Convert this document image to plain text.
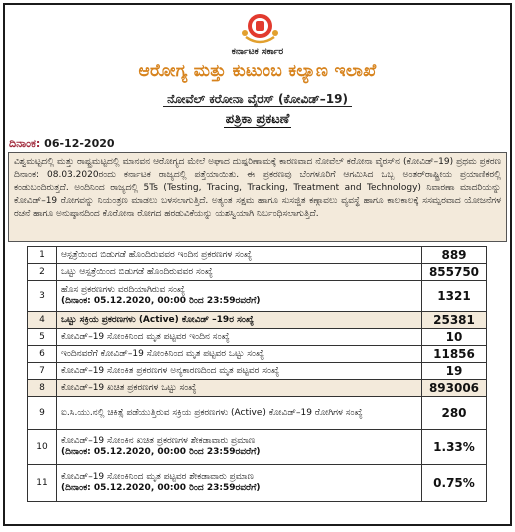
ಕರ್ನಾಟಕ ಸರ್ಕಾರ
ಆರೋಗ್ಯ ಮತ್ತು ಕುಟುಂಬ ಕಲ್ಯಾಣ ಇಲಾಖೆ
ನೋವೆಲ್ ಕರೋನಾ ವೈರಸ್ (ಕೋವಿಡ್–19)
ಪತ್ರಿಕಾ ಪ್ರಕಟಣೆ
ದಿನಾಂಕ: 06-12-2020
ವಿಶ್ವಮಟ್ಟದಲ್ಲಿ ಮತ್ತು ರಾಷ್ಟ್ರಮಟ್ಟದಲ್ಲಿ ಮಾನವನ ಆರೋಗ್ಯದ ಮೇಲೆ ಅಘಾದ ದುಷ್ಪರಿಣಾಮಕ್ಕೆ ಕಾರಣವಾದ ನೋವೆಲ್ ಕರೋನಾ ವೈರಸ್‌ನ (ಕೋವಿಡ್–19) ಪ್ರಥಮ ಪ್ರಕರಣ ದಿನಾಂಕ: 08.03.2020ರಂದು ಕರ್ನಾಟಕ ರಾಜ್ಯದಲ್ಲಿ ಪತ್ತೆಯಾಯಿತು. ಈ ಪ್ರಕರಣವು ಬೆಂಗಳೂರಿಗೆ ಆಗಮಿಸಿದ ಒಬ್ಬ ಅಂತರ್‌ರಾಷ್ಟ್ರೀಯ ಪ್ರಯಾಣಿಕರಲ್ಲಿ ಕಂಡುಬಂದಿರುತ್ತದೆ. ಅಂದಿನಿಂದ ರಾಜ್ಯದಲ್ಲಿ 5Ts (Testing, Tracing, Tracking, Treatment and Technology) ನಿವಾರಣಾ ಮಾದರಿಯನ್ನು ಕೋವಿಡ್–19 ರೋಗವನ್ನು ನಿಯಂತ್ರಣ ಮಾಡಲು ಬಳಸಲಾಗುತ್ತಿದೆ. ಅತ್ಯಂತ ಸಕ್ಷಮ ಹಾಗೂ ಸುಸಜ್ಜಿತ ಕಣ್ಗಾವಲು ವ್ಯವಸ್ಥೆ ಹಾಗೂ ಕಾಲಕಾಲಕ್ಕೆ ಸಸಮ್ಪರವಾದ ಯೋಜನೆಗಳ ರಚನೆ ಹಾಗೂ ಅನುಷ್ಠಾನದಿಂದ ಕೊರೋನಾ ರೋಗದ ಹರಡುವಿಕೆಯನ್ನು ಯಶಸ್ವಿಯಾಗಿ ನಿರ್ಬಂಧಿಸಲಾಗುತ್ತಿದೆ.
1	ಆಸ್ಪತ್ರೆಯಿಂದ ಬಿಡುಗಡೆ ಹೊಂದಿರುವವರ ಇಂದಿನ ಪ್ರಕರಣಗಳ ಸಂಖ್ಯೆ	889
2	ಒಟ್ಟು ಆಸ್ಪತ್ರೆಯಿಂದ ಬಿಡುಗಡೆ ಹೊಂದಿರುವವರ ಸಂಖ್ಯೆ	855750
3	ಹೊಸ ಪ್ರಕರಣಗಳು ವರದಿಯಾಗಿರುವ ಸಂಖ್ಯೆ
(ದಿನಾಂಕ: 05.12.2020, 00:00 ರಿಂದ 23:59ರವರೆಗೆ)	1321
4	ಒಟ್ಟು ಸಕ್ರಿಯ ಪ್ರಕರಣಗಳು (Active) ಕೋವಿಡ್ –19ರ ಸಂಖ್ಯೆ	25381
5	ಕೋವಿಡ್–19 ಸೋಂಕಿನಿಂದ ಮೃತ ಪಟ್ಟವರ ಇಂದಿನ ಸಂಖ್ಯೆ	10
6	ಇಂದಿನವರೆಗೆ ಕೋವಿಡ್–19 ಸೋಂಕಿನಿಂದ ಮೃತ ಪಟ್ಟವರ ಒಟ್ಟು ಸಂಖ್ಯೆ	11856
7	ಕೋವಿಡ್–19 ಸೋಂಕಿತ ಪ್ರಕರಣಗಳ ಅನ್ಯಕಾರಣದಿಂದ ಮೃತ ಪಟ್ಟವರ ಸಂಖ್ಯೆ	19
8	ಕೋವಿಡ್–19 ಖಚಿತ ಪ್ರಕರಣಗಳ ಒಟ್ಟು ಸಂಖ್ಯೆ	893006
9	ಐ.ಸಿ.ಯು.ನಲ್ಲಿ ಚಿಕಿತ್ಸೆ ಪಡೆಯುತ್ತಿರುವ ಸಕ್ರಿಯ ಪ್ರಕರಣಗಳು (Active) ಕೋವಿಡ್–19 ರೋಗಿಗಳ ಸಂಖ್ಯೆ	280
10	ಕೋವಿಡ್–19 ಸೋಂಕಿನ ಖಚಿತ ಪ್ರಕರಣಗಳ ಶೇಕಡಾವಾರು ಪ್ರಮಾಣ
(ದಿನಾಂಕ: 05.12.2020, 00:00 ರಿಂದ 23:59ರವರೆಗೆ)	1.33%
11	ಕೋವಿಡ್–19 ಸೋಂಕಿನಿಂದ ಮೃತ ಪಟ್ಟವರ ಶೇಕಡಾವಾರು ಪ್ರಮಾಣ
(ದಿನಾಂಕ: 05.12.2020, 00:00 ರಿಂದ 23:59ರವರೆಗೆ)	0.75%
